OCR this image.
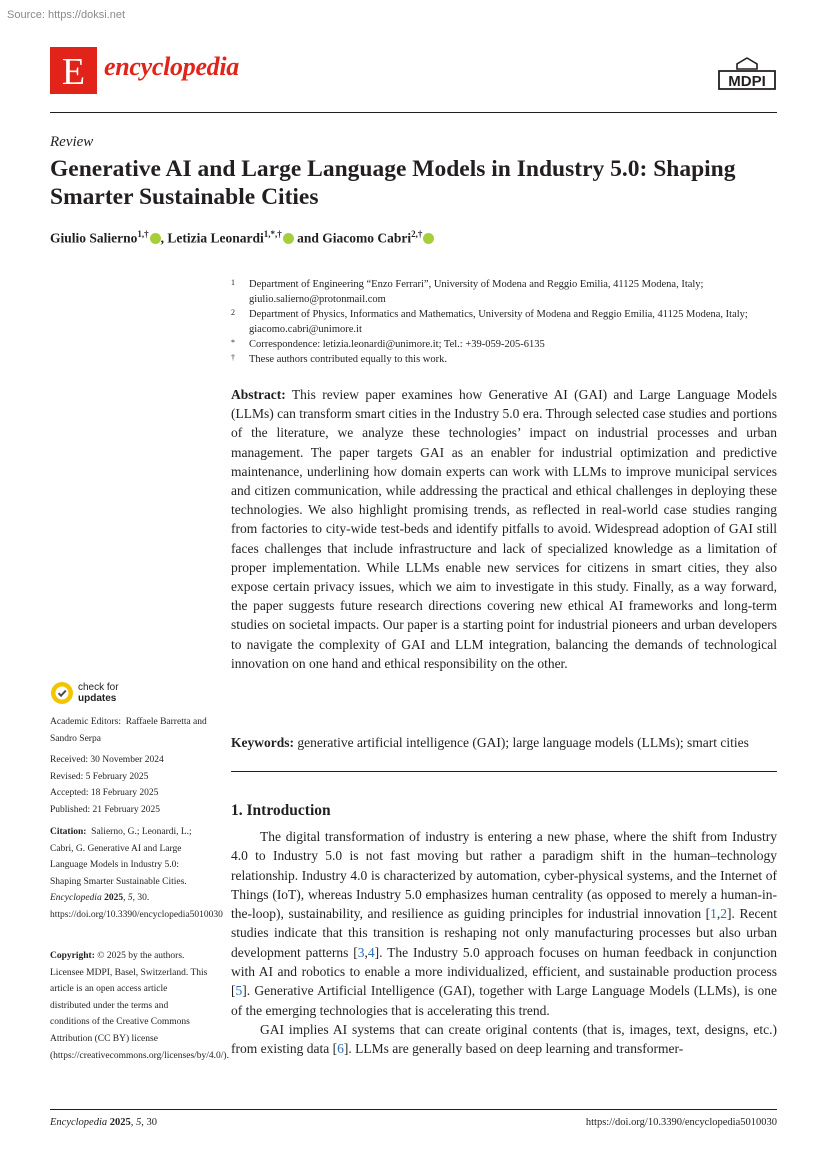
Source: https://doksi.net
E encyclopedia
MDPI
Review
Generative AI and Large Language Models in Industry 5.0: Shaping Smarter Sustainable Cities
Giulio Salierno$^{1,\dagger}$ , Letizia Leonardi$^{1,*,\dagger}$ and Giacomo Cabri$^{2,\dagger}$
1 Department of Engineering “Enzo Ferrari”, University of Modena and Reggio Emilia, 41125 Modena, Italy; giulio.salierno@protonmail.com
2 Department of Physics, Informatics and Mathematics, University of Modena and Reggio Emilia, 41125 Modena, Italy; giacomo.cabri@unimore.it
* Correspondence: letizia.leonardi@unimore.it; Tel.: +39-059-205-6135
† These authors contributed equally to this work.
Abstract: This review paper examines how Generative AI (GAI) and Large Language Models (LLMs) can transform smart cities in the Industry 5.0 era. Through selected case studies and portions of the literature, we analyze these technologies’ impact on industrial processes and urban management. The paper targets GAI as an enabler for industrial optimization and predictive maintenance, underlining how domain experts can work with LLMs to improve municipal services and citizen communication, while addressing the practical and ethical challenges in deploying these technologies. We also highlight promising trends, as reflected in real-world case studies ranging from factories to city-wide test-beds and identify pitfalls to avoid. Widespread adoption of GAI still faces challenges that include infrastructure and lack of specialized knowledge as a limitation of proper implementation. While LLMs enable new services for citizens in smart cities, they also expose certain privacy issues, which we aim to investigate in this study. Finally, as a way forward, the paper suggests future research directions covering new ethical AI frameworks and long-term studies on societal impacts. Our paper is a starting point for industrial pioneers and urban developers to navigate the complexity of GAI and LLM integration, balancing the demands of technological innovation on one hand and ethical responsibility on the other.
Keywords: generative artificial intelligence (GAI); large language models (LLMs); smart cities
check for
updates
Academic Editors: Raffaele Barretta and Sandro Serpa
Received: 30 November 2024
Revised: 5 February 2025
Accepted: 18 February 2025
Published: 21 February 2025
Citation: Salierno, G.; Leonardi, L.; Cabri, G. Generative AI and Large Language Models in Industry 5.0: Shaping Smarter Sustainable Cities. Encyclopedia 2025, 5, 30. https://doi.org/10.3390/encyclopedia5010030
Copyright: © 2025 by the authors. Licensee MDPI, Basel, Switzerland. This article is an open access article distributed under the terms and conditions of the Creative Commons Attribution (CC BY) license (https://creativecommons.org/licenses/by/4.0/).
1. Introduction

The digital transformation of industry is entering a new phase, where the shift from Industry 4.0 to Industry 5.0 is not fast moving but rather a paradigm shift in the human–technology relationship. Industry 4.0 is characterized by automation, cyber-physical systems, and the Internet of Things (IoT), whereas Industry 5.0 emphasizes human centrality (as opposed to merely a human-in-the-loop), sustainability, and resilience as guiding principles for industrial innovation [1,2]. Recent studies indicate that this transition is reshaping not only manufacturing processes but also urban development patterns [3,4]. The Industry 5.0 approach focuses on human feedback in conjunction with AI and robotics to enable a more individualized, efficient, and sustainable production process [5]. Generative Artificial Intelligence (GAI), together with Large Language Models (LLMs), is one of the emerging technologies that is accelerating this trend.

GAI implies AI systems that can create original contents (that is, images, text, designs, etc.) from existing data [6]. LLMs are generally based on deep learning and transformer-

Encyclopedia 2025, 5, 30	https://doi.org/10.3390/encyclopedia5010030
